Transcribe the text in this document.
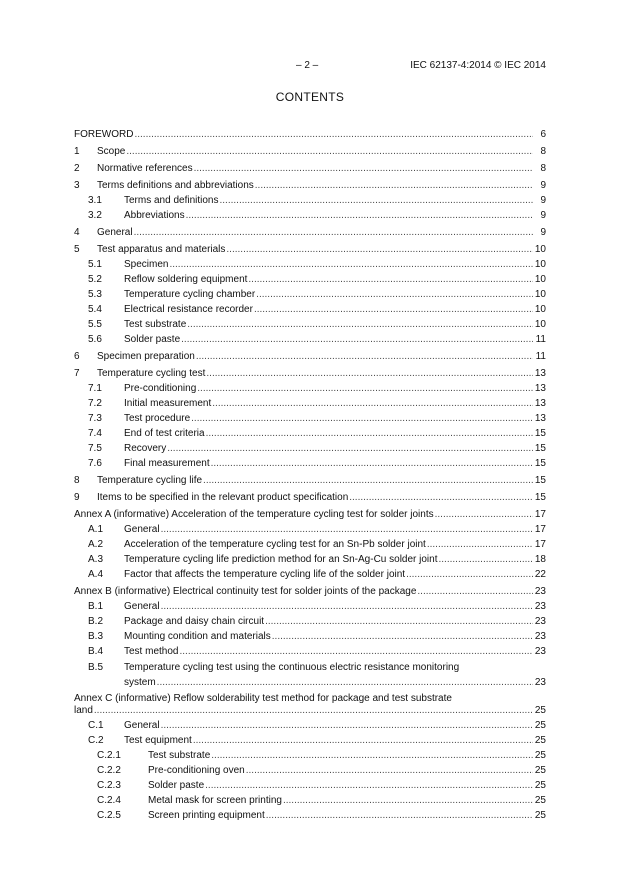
– 2 –	IEC 62137-4:2014 © IEC 2014
CONTENTS
FOREWORD .....	6
1	Scope .....	8
2	Normative references .....	8
3	Terms definitions and abbreviations .....	9
3.1	Terms and definitions .....	9
3.2	Abbreviations .....	9
4	General .....	9
5	Test apparatus and materials .....	10
5.1	Specimen .....	10
5.2	Reflow soldering equipment .....	10
5.3	Temperature cycling chamber .....	10
5.4	Electrical resistance recorder .....	10
5.5	Test substrate .....	10
5.6	Solder paste .....	11
6	Specimen preparation .....	11
7	Temperature cycling test .....	13
7.1	Pre-conditioning .....	13
7.2	Initial measurement .....	13
7.3	Test procedure .....	13
7.4	End of test criteria .....	15
7.5	Recovery .....	15
7.6	Final measurement .....	15
8	Temperature cycling life .....	15
9	Items to be specified in the relevant product specification .....	15
Annex A (informative) Acceleration of the temperature cycling test for solder joints .....	17
A.1	General .....	17
A.2	Acceleration of the temperature cycling test for an Sn-Pb solder joint .....	17
A.3	Temperature cycling life prediction method for an Sn-Ag-Cu solder joint .....	18
A.4	Factor that affects the temperature cycling life of the solder joint .....	22
Annex B (informative) Electrical continuity test for solder joints of the package .....	23
B.1	General .....	23
B.2	Package and daisy chain circuit .....	23
B.3	Mounting condition and materials .....	23
B.4	Test method .....	23
B.5	Temperature cycling test using the continuous electric resistance monitoring
system .....	23
Annex C (informative) Reflow solderability test method for package and test substrate
land .....	25
C.1	General .....	25
C.2	Test equipment .....	25
C.2.1	Test substrate .....	25
C.2.2	Pre-conditioning oven .....	25
C.2.3	Solder paste .....	25
C.2.4	Metal mask for screen printing .....	25
C.2.5	Screen printing equipment .....	25
